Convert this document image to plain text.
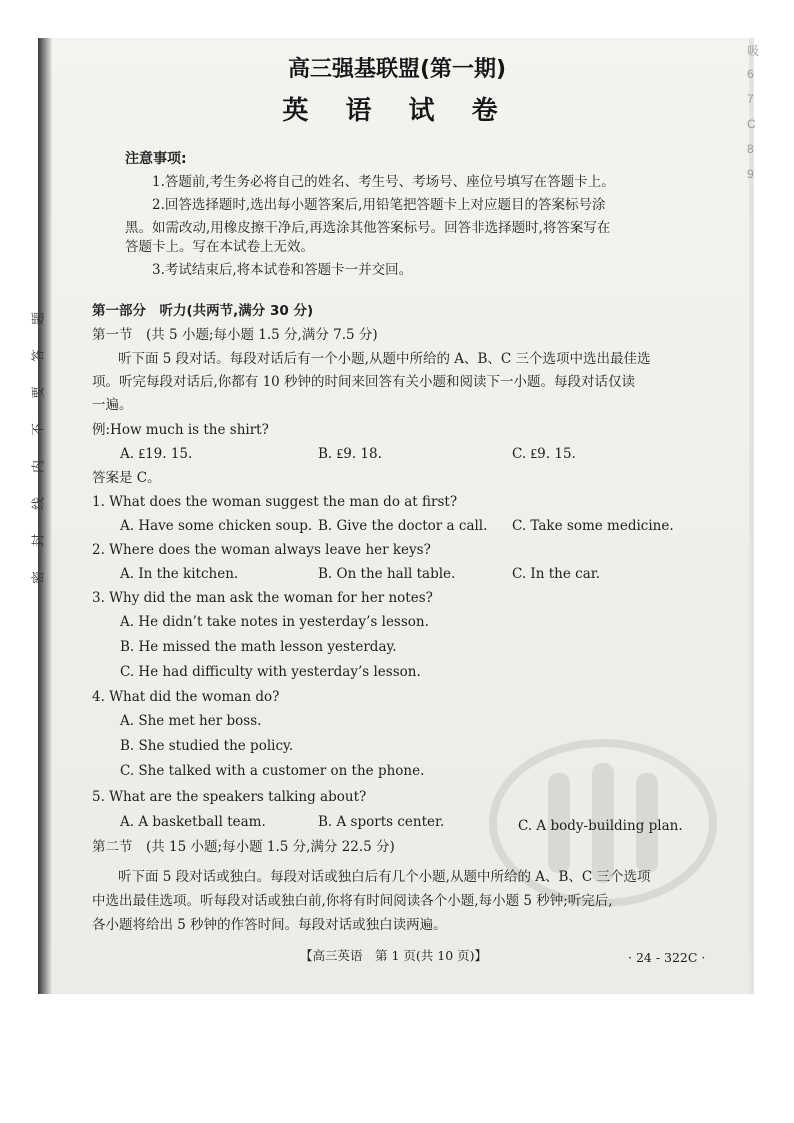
题
答
要
不
内
线
封
密
吸
6
7
C
8
9
高三强基联盟(第一期)
英 语 试 卷
注意事项:
1.答题前,考生务必将自己的姓名、考生号、考场号、座位号填写在答题卡上。
2.回答选择题时,选出每小题答案后,用铅笔把答题卡上对应题目的答案标号涂
黑。如需改动,用橡皮擦干净后,再选涂其他答案标号。回答非选择题时,将答案写在
答题卡上。写在本试卷上无效。
3.考试结束后,将本试卷和答题卡一并交回。
第一部分　听力(共两节,满分 30 分)
第一节　(共 5 小题;每小题 1.5 分,满分 7.5 分)
听下面 5 段对话。每段对话后有一个小题,从题中所给的 A、B、C 三个选项中选出最佳选
项。听完每段对话后,你都有 10 秒钟的时间来回答有关小题和阅读下一小题。每段对话仅读
一遍。
例:How much is the shirt?
A. ₤19. 15.	B. ₤9. 18.	C. ₤9. 15.
答案是 C。
1. What does the woman suggest the man do at first?
A. Have some chicken soup. B. Give the doctor a call. C. Take some medicine.
2. Where does the woman always leave her keys?
A. In the kitchen.	B. On the hall table.	C. In the car.
3. Why did the man ask the woman for her notes?
A. He didn’t take notes in yesterday’s lesson.
B. He missed the math lesson yesterday.
C. He had difficulty with yesterday’s lesson.
4. What did the woman do?
A. She met her boss.
B. She studied the policy.
C. She talked with a customer on the phone.
5. What are the speakers talking about?
A. A basketball team.	B. A sports center.	C. A body-building plan.
第二节　(共 15 小题;每小题 1.5 分,满分 22.5 分)
听下面 5 段对话或独白。每段对话或独白后有几个小题,从题中所给的 A、B、C 三个选项
中选出最佳选项。听每段对话或独白前,你将有时间阅读各个小题,每小题 5 秒钟;听完后,
各小题将给出 5 秒钟的作答时间。每段对话或独白读两遍。
【高三英语　第 1 页(共 10 页)】	· 24 - 322C ·
